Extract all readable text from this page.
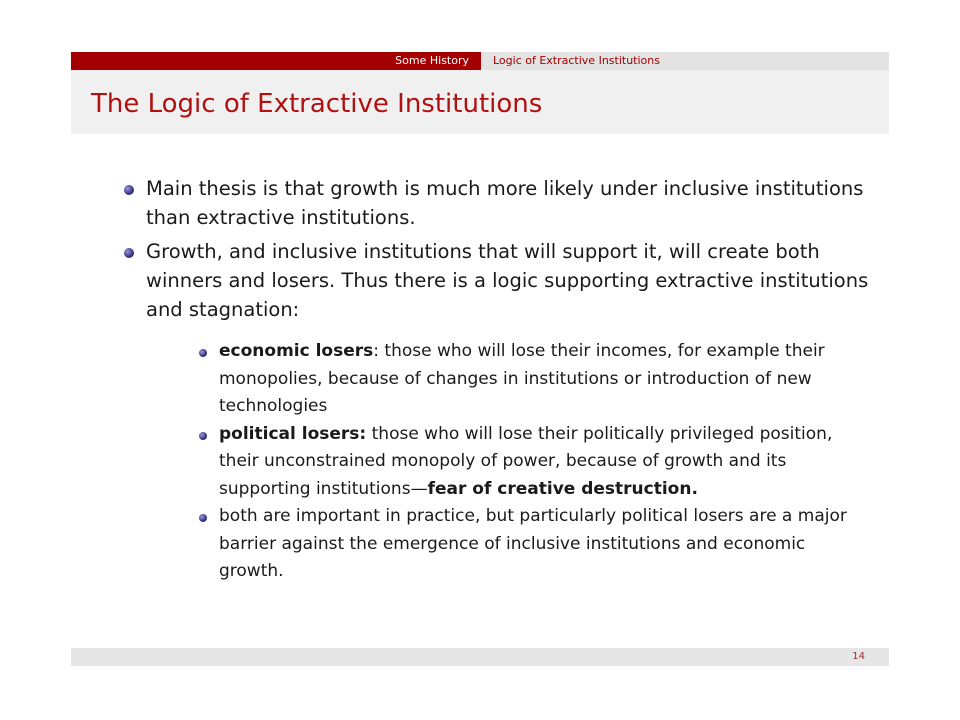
Some History	Logic of Extractive Institutions
The Logic of Extractive Institutions
Main thesis is that growth is much more likely under inclusive institutions than extractive institutions.
Growth, and inclusive institutions that will support it, will create both winners and losers. Thus there is a logic supporting extractive institutions and stagnation:
economic losers: those who will lose their incomes, for example their monopolies, because of changes in institutions or introduction of new technologies
political losers: those who will lose their politically privileged position, their unconstrained monopoly of power, because of growth and its supporting institutions—fear of creative destruction.
both are important in practice, but particularly political losers are a major barrier against the emergence of inclusive institutions and economic growth.
14
